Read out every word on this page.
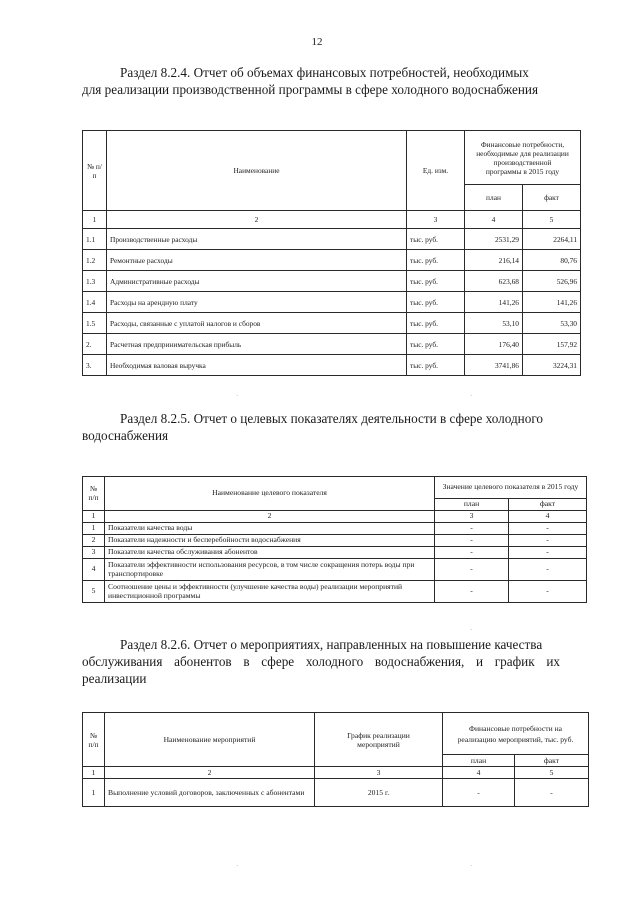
12

Раздел 8.2.4. Отчет об объемах финансовых потребностей, необходимых

для реализации производственной программы в сфере холодного водоснабжения

№ п/п	Наименование	Ед. изм.	Финансовые потребности, необходимые для реализации производственной программы в 2015 году	
			план	факт
1	2	3	4	5
1.1	Производственные расходы	тыс. руб.	2531,29	2264,11
1.2	Ремонтные расходы	тыс. руб.	216,14	80,76
1.3	Административные расходы	тыс. руб.	623,68	526,96
1.4	Расходы на арендную плату	тыс. руб.	141,26	141,26
1.5	Расходы, связанные с уплатой налогов и сборов	тыс. руб.	53,10	53,30
2.	Расчетная предпринимательская прибыль	тыс. руб.	176,40	157,92
3.	Необходимая валовая выручка	тыс. руб.	3741,86	3224,31
·	·

Раздел 8.2.5. Отчет о целевых показателях деятельности в сфере холодного

водоснабжения

№ п/п	Наименование целевого показателя	Значение целевого показателя в 2015 году	
		план	факт
1	2	3	4
1	Показатели качества воды	-	-
2	Показатели надежности и бесперебойности водоснабжения	-	-
3	Показатели качества обслуживания абонентов	-	-
4	Показатели эффективности использования ресурсов, в том числе сокращения потерь воды при транспортировке	-	-
5	Соотношение цены и эффективности (улучшение качества воды) реализации мероприятий инвестиционной программы	-	-
·

Раздел 8.2.6. Отчет о мероприятиях, направленных на повышение качества

обслуживания абонентов в сфере холодного водоснабжения, и график их

реализации

№ п/п	Наименование мероприятий	График реализации мероприятий	Финансовые потребности на реализацию мероприятий, тыс. руб.	
			план	факт
1	2	3	4	5
1	Выполнение условий договоров, заключенных с абонентами	2015 г.	-	-
·	·
